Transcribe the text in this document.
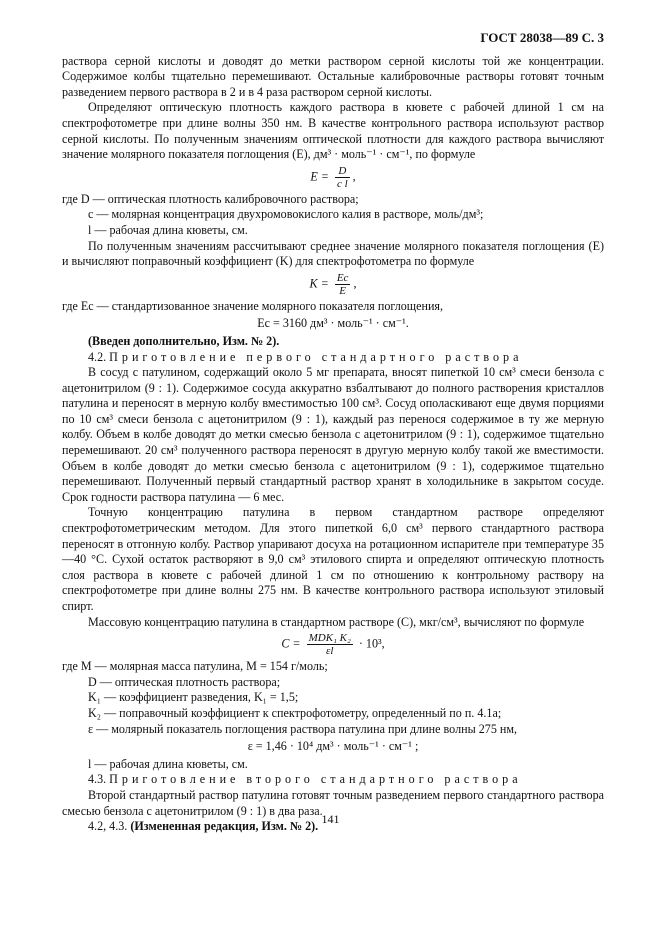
ГОСТ 28038—89 С. 3

раствора серной кислоты и доводят до метки раствором серной кислоты той же концентрации. Содержимое колбы тщательно перемешивают. Остальные калибровочные растворы готовят точным разведением первого раствора в 2 и в 4 раза раствором серной кислоты.

Определяют оптическую плотность каждого раствора в кювете с рабочей длиной 1 см на спектрофотометре при длине волны 350 нм. В качестве контрольного раствора используют раствор серной кислоты. По полученным значениям оптической плотности для каждого раствора вычисляют значение молярного показателя поглощения (E), дм³ · моль⁻¹ · см⁻¹, по формуле

$E = \frac{D}{\text{c l}}$ ,

где D — оптическая плотность калибровочного раствора;

c — молярная концентрация двухромовокислого калия в растворе, моль/дм³;

l — рабочая длина кюветы, см.

По полученным значениям рассчитывают среднее значение молярного показателя поглощения (E) и вычисляют поправочный коэффициент (K) для спектрофотометра по формуле

$K = \frac{Eс}{E}$ ,

где Eс — стандартизованное значение молярного показателя поглощения,

Eс = 3160 дм³ · моль⁻¹ · см⁻¹.

(Введен дополнительно, Изм. № 2).

4.2. Приготовление первого стандартного раствора

В сосуд с патулином, содержащий около 5 мг препарата, вносят пипеткой 10 см³ смеси бензола с ацетонитрилом (9 : 1). Содержимое сосуда аккуратно взбалтывают до полного растворения кристаллов патулина и переносят в мерную колбу вместимостью 100 см³. Сосуд ополаскивают еще двумя порциями по 10 см³ смеси бензола с ацетонитрилом (9 : 1), каждый раз перенося содержимое в ту же мерную колбу. Объем в колбе доводят до метки смесью бензола с ацетонитрилом (9 : 1), содержимое тщательно перемешивают. 20 см³ полученного раствора переносят в другую мерную колбу такой же вместимости. Объем в колбе доводят до метки смесью бензола с ацетонитрилом (9 : 1), содержимое тщательно перемешивают. Полученный первый стандартный раствор хранят в холодильнике в закрытом сосуде. Срок годности раствора патулина — 6 мес.

Точную концентрацию патулина в первом стандартном растворе определяют спектрофотометрическим методом. Для этого пипеткой 6,0 см³ первого стандартного раствора переносят в отгонную колбу. Раствор упаривают досуха на ротационном испарителе при температуре 35—40 °С. Сухой остаток растворяют в 9,0 см³ этилового спирта и определяют оптическую плотность слоя раствора в кювете с рабочей длиной 1 см по отношению к контрольному раствору на спектрофотометре при длине волны 275 нм. В качестве контрольного раствора используют этиловый спирт.

Массовую концентрацию патулина в стандартном растворе (C), мкг/см³, вычисляют по формуле

$C = \frac{\text{MDK₁ K₂}}{\varepsilon l} \cdot 10^3$,

где M — молярная масса патулина, M = 154 г/моль;

D — оптическая плотность раствора;

K₁ — коэффициент разведения, K₁ = 1,5;

K₂ — поправочный коэффициент к спектрофотометру, определенный по п. 4.1а;

ε — молярный показатель поглощения раствора патулина при длине волны 275 нм,

ε = 1,46 · 10⁴ дм³ · моль⁻¹ · см⁻¹ ;

l — рабочая длина кюветы, см.

4.3. Приготовление второго стандартного раствора

Второй стандартный раствор патулина готовят точным разведением первого стандартного раствора смесью бензола с ацетонитрилом (9 : 1) в два раза.

4.2, 4.3. (Измененная редакция, Изм. № 2).

141
